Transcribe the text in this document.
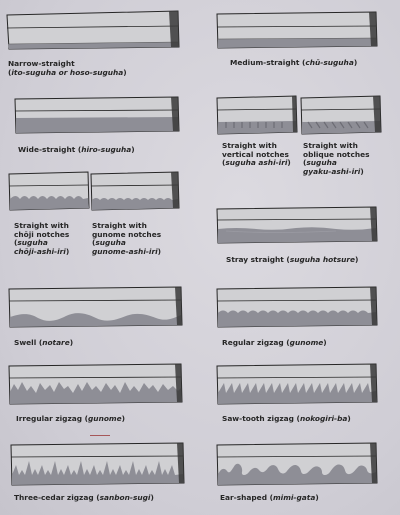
Narrow-straight
( ito-suguha or hoso-suguha )
Medium-straight ( chū-suguha )
Wide-straight ( hiro-suguha )	Straight with
vertical notches
( suguha ashi-iri )
Straight with
oblique notches
(suguha
gyaku-ashi-iri)
Straight with
chōji notches
(suguha
chōji-ashi-iri)
Straight with
gunome notches
(suguha
gunome-ashi-iri)
Stray straight ( suguha hotsure )
Swell ( notare )	Regular zigzag ( gunome )
Irregular zigzag ( gunome )	Saw-tooth zigzag ( nokogiri-ba )
Three-cedar zigzag ( sanbon-sugi )	Ear-shaped ( mimi-gata )
